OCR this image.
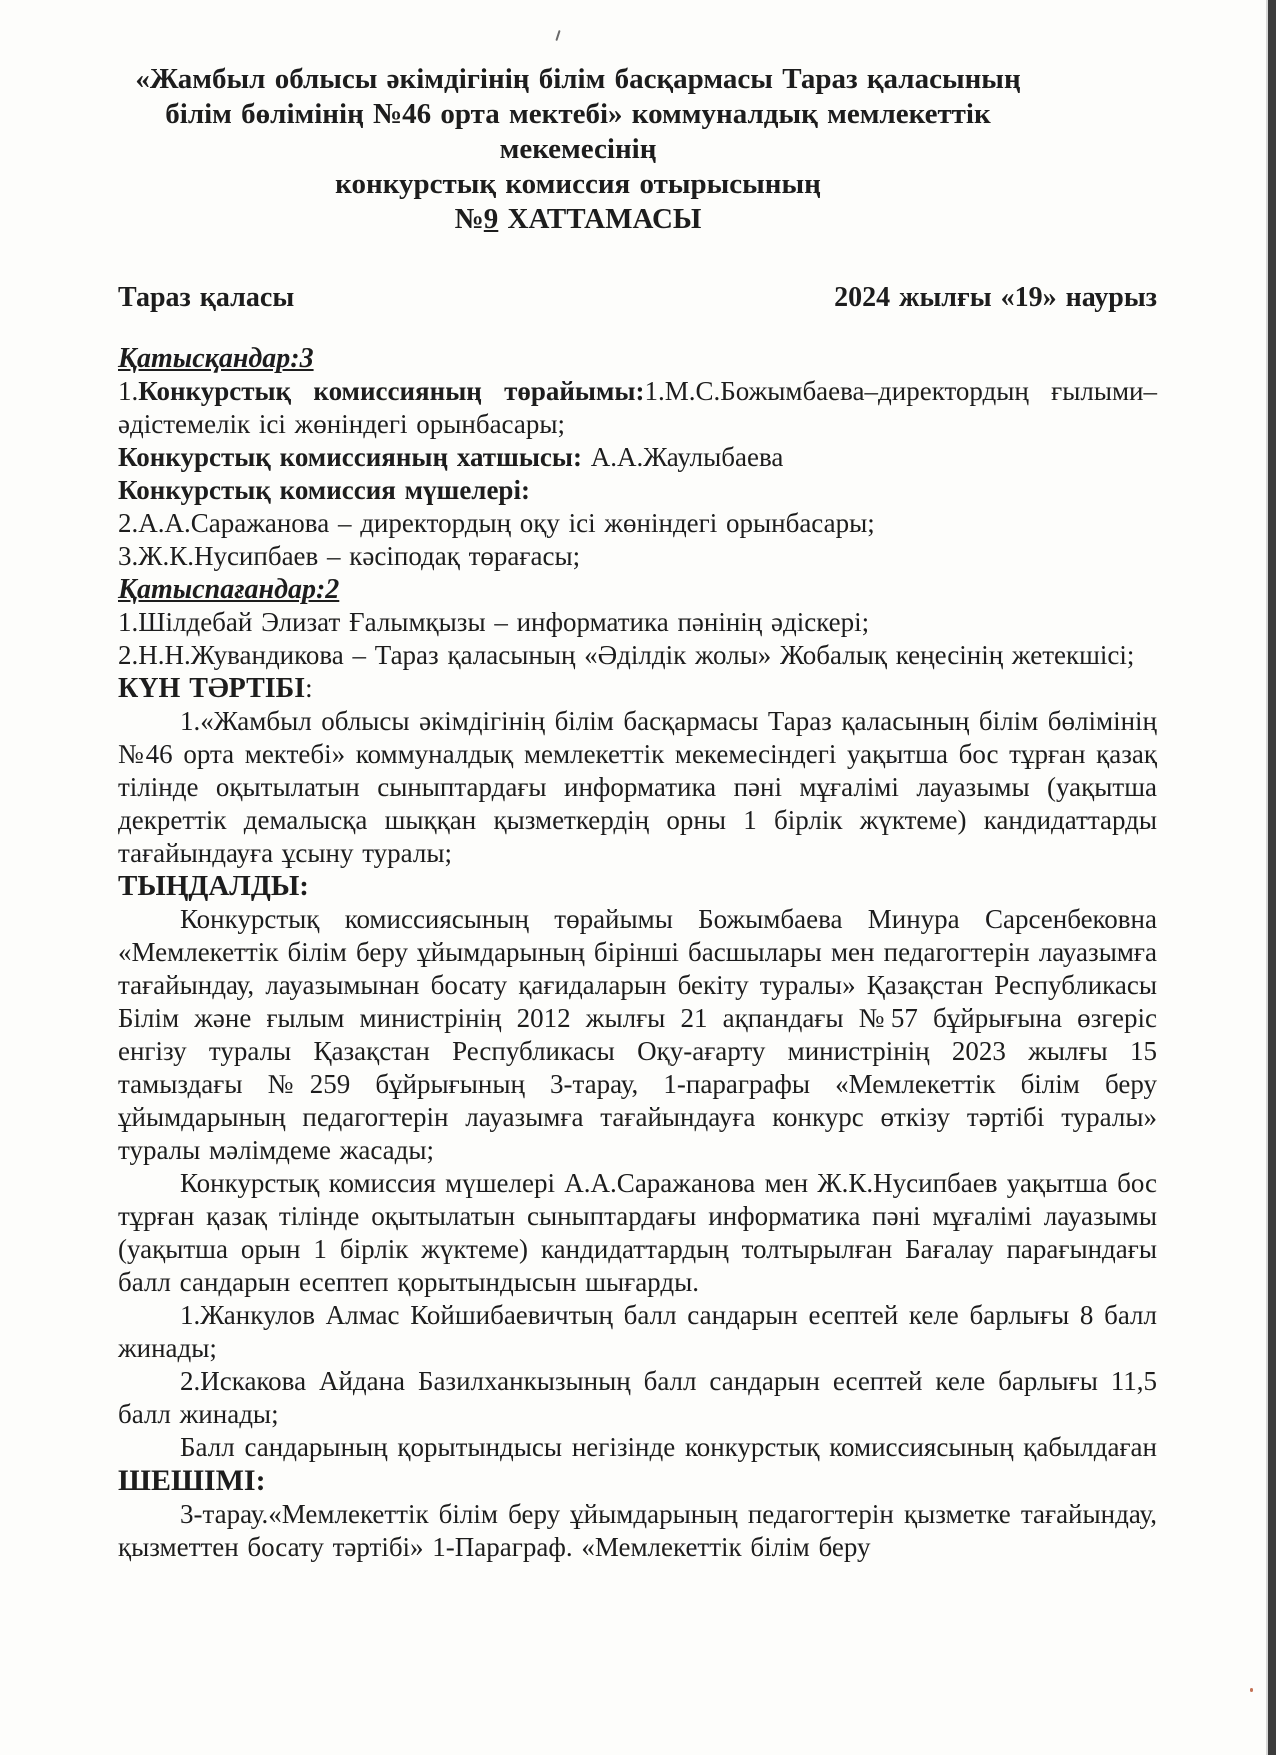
«Жамбыл облысы әкімдігінің білім басқармасы Тараз қаласының
білім бөлімінің №46 орта мектебі» коммуналдық мемлекеттік мекемесінің
конкурстық комиссия отырысының
№9 ХАТТАМАСЫ
Тараз қаласы	2024 жылғы «19» наурыз

Қатысқандар:3

1.Конкурстық комиссияның төрайымы:1.М.С.Божымбаева–директордың ғылыми–әдістемелік ісі жөніндегі орынбасары;

Конкурстық комиссияның хатшысы: А.А.Жаулыбаева

Конкурстық комиссия мүшелері:

2.А.А.Саражанова – директордың оқу ісі жөніндегі орынбасары;

3.Ж.К.Нусипбаев – кәсіподақ төрағасы;

Қатыспағандар:2

1.Шілдебай Элизат Ғалымқызы – информатика пәнінің әдіскері;

2.Н.Н.Жувандикова – Тараз қаласының «Әділдік жолы» Жобалық кеңесінің жетекшісі;

КҮН ТӘРТІБІ:

1.«Жамбыл облысы әкімдігінің білім басқармасы Тараз қаласының білім бөлімінің №46 орта мектебі» коммуналдық мемлекеттік мекемесіндегі уақытша бос тұрған қазақ тілінде оқытылатын сыныптардағы информатика пәні мұғалімі лауазымы (уақытша декреттік демалысқа шыққан қызметкердің орны 1 бірлік жүктеме) кандидаттарды тағайындауға ұсыну туралы;

ТЫҢДАЛДЫ:

Конкурстық комиссиясының төрайымы Божымбаева Минура Сарсенбековна «Мемлекеттік білім беру ұйымдарының бірінші басшылары мен педагогтерін лауазымға тағайындау, лауазымынан босату қағидаларын бекіту туралы» Қазақстан Республикасы Білім және ғылым министрінің 2012 жылғы 21 ақпандағы №57 бұйрығына өзгеріс енгізу туралы Қазақстан Республикасы Оқу-ағарту министрінің 2023 жылғы 15 тамыздағы №259 бұйрығының 3-тарау, 1-параграфы «Мемлекеттік білім беру ұйымдарының педагогтерін лауазымға тағайындауға конкурс өткізу тәртібі туралы» туралы мәлімдеме жасады;

Конкурстық комиссия мүшелері А.А.Саражанова мен Ж.К.Нусипбаев уақытша бос тұрған қазақ тілінде оқытылатын сыныптардағы информатика пәні мұғалімі лауазымы (уақытша орын 1 бірлік жүктеме) кандидаттардың толтырылған Бағалау парағындағы балл сандарын есептеп қорытындысын шығарды.

1.Жанкулов Алмас Койшибаевичтың балл сандарын есептей келе барлығы 8 балл жинады;

2.Искакова Айдана Базилханкызының балл сандарын есептей келе барлығы 11,5 балл жинады;

Балл сандарының қорытындысы негізінде конкурстық комиссиясының қабылдаған ШЕШІМІ:

3-тарау.«Мемлекеттік білім беру ұйымдарының педагогтерін қызметке тағайындау, қызметтен босату тәртібі» 1-Параграф. «Мемлекеттік білім беру
